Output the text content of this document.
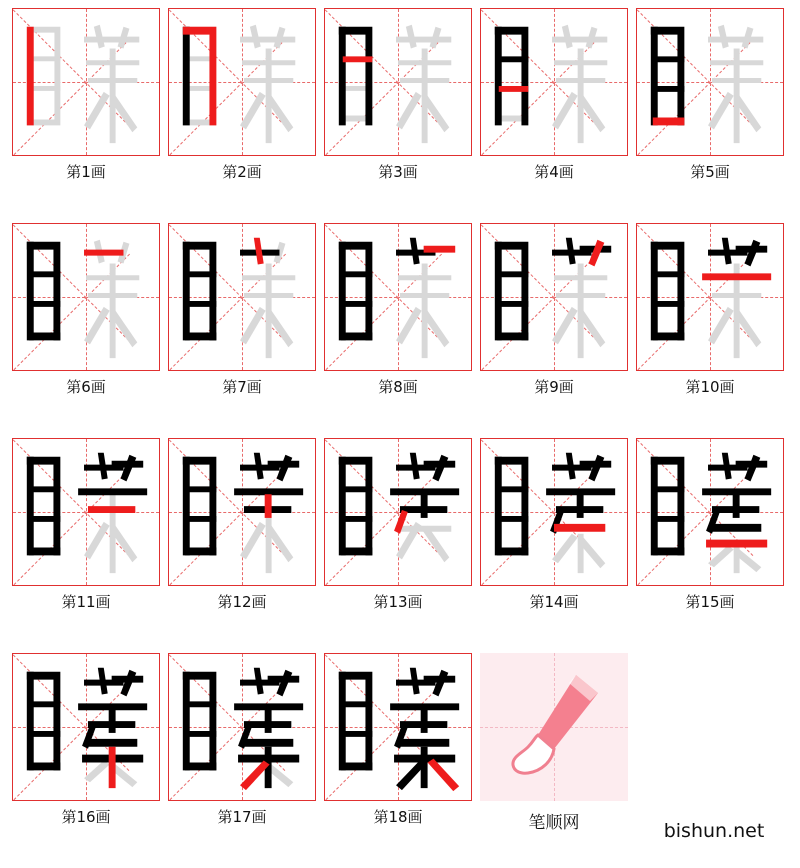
第1画	第2画	第3画	第4画	第5画
第6画	第7画	第8画	第9画	第10画
第11画	第12画	第13画	第14画	第15画
第16画	第17画	第18画	笔顺网	bishun.net
